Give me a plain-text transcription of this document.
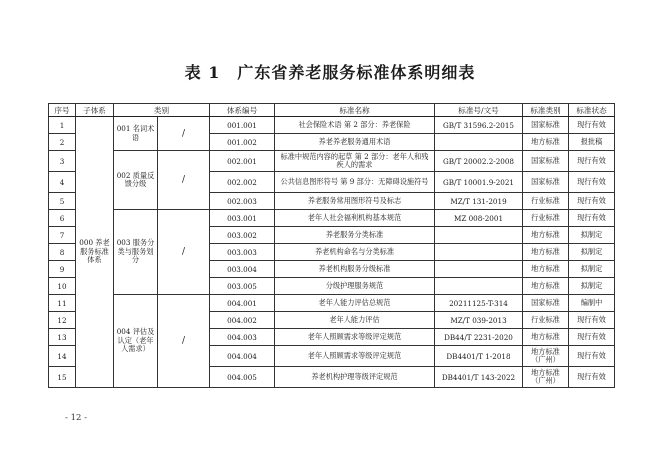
表 1　广东省养老服务标准体系明细表
序号	子体系	类别		体系编号	标准名称	标准号/文号	标准类别	标准状态
1	000 养老服务标准体系	001 名词术语	/	001.001	社会保险术语 第 2 部分：养老保险	GB/T 31596.2-2015	国家标准	现行有效
2				001.002	养老养老服务通用术语		地方标准	报批稿
3		002 质量反馈分级	/	002.001	标准中规范内容的起草 第 2 部分：老年人和残疾人的需求	GB/T 20002.2-2008	国家标准	现行有效
4				002.002	公共信息图形符号 第 9 部分：无障碍设施符号	GB/T 10001.9-2021	国家标准	现行有效
5				002.003	养老服务常用图形符号及标志	MZ/T 131-2019	行业标准	现行有效
6		003 服务分类与服务划分	/	003.001	老年人社会福利机构基本规范	MZ 008-2001	行业标准	现行有效
7				003.002	养老服务分类标准		地方标准	拟制定
8				003.003	养老机构命名与分类标准		地方标准	拟制定
9				003.004	养老机构服务分级标准		地方标准	拟制定
10				003.005	分级护理服务规范		地方标准	拟制定
11		004 评估及认定（老年人需求）	/	004.001	老年人能力评估总规范	20211125-T-314	国家标准	编制中
12				004.002	老年人能力评估	MZ/T 039-2013	行业标准	现行有效
13				004.003	老年人照顾需求等级评定规范	DB44/T 2231-2020	地方标准	现行有效
14				004.004	老年人照顾需求等级评定规范	DB4401/T 1-2018	地方标准（广州）	现行有效
15				004.005	养老机构护理等级评定规范	DB4401/T 143-2022	地方标准（广州）	现行有效
- 12 -
